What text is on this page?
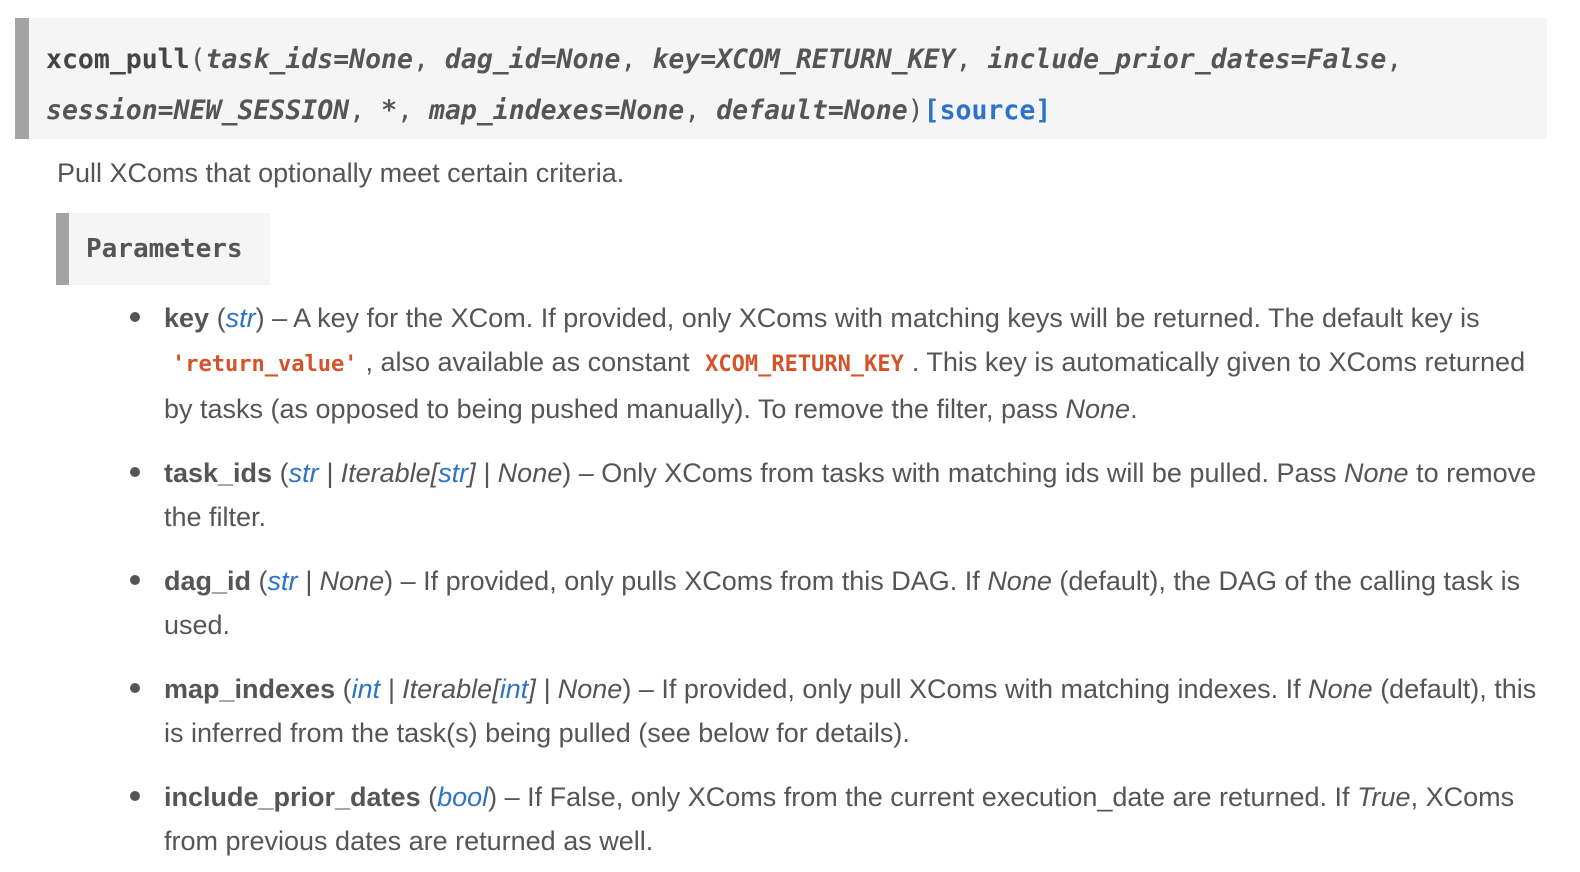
xcom_pull(task_ids=None, dag_id=None, key=XCOM_RETURN_KEY, include_prior_dates=False,
session=NEW_SESSION, *, map_indexes=None, default=None)[source]
Pull XComs that optionally meet certain criteria.
Parameters
key (str) – A key for the XCom. If provided, only XComs with matching keys will be returned. The default key is 'return_value' , also available as constant XCOM_RETURN_KEY . This key is automatically given to XComs returned by tasks (as opposed to being pushed manually). To remove the filter, pass None.
task_ids (str | Iterable[str] | None) – Only XComs from tasks with matching ids will be pulled. Pass None to remove the filter.
dag_id (str | None) – If provided, only pulls XComs from this DAG. If None (default), the DAG of the calling task is used.
map_indexes (int | Iterable[int] | None) – If provided, only pull XComs with matching indexes. If None (default), this is inferred from the task(s) being pulled (see below for details).
include_prior_dates (bool) – If False, only XComs from the current execution_date are returned. If True, XComs from previous dates are returned as well.
